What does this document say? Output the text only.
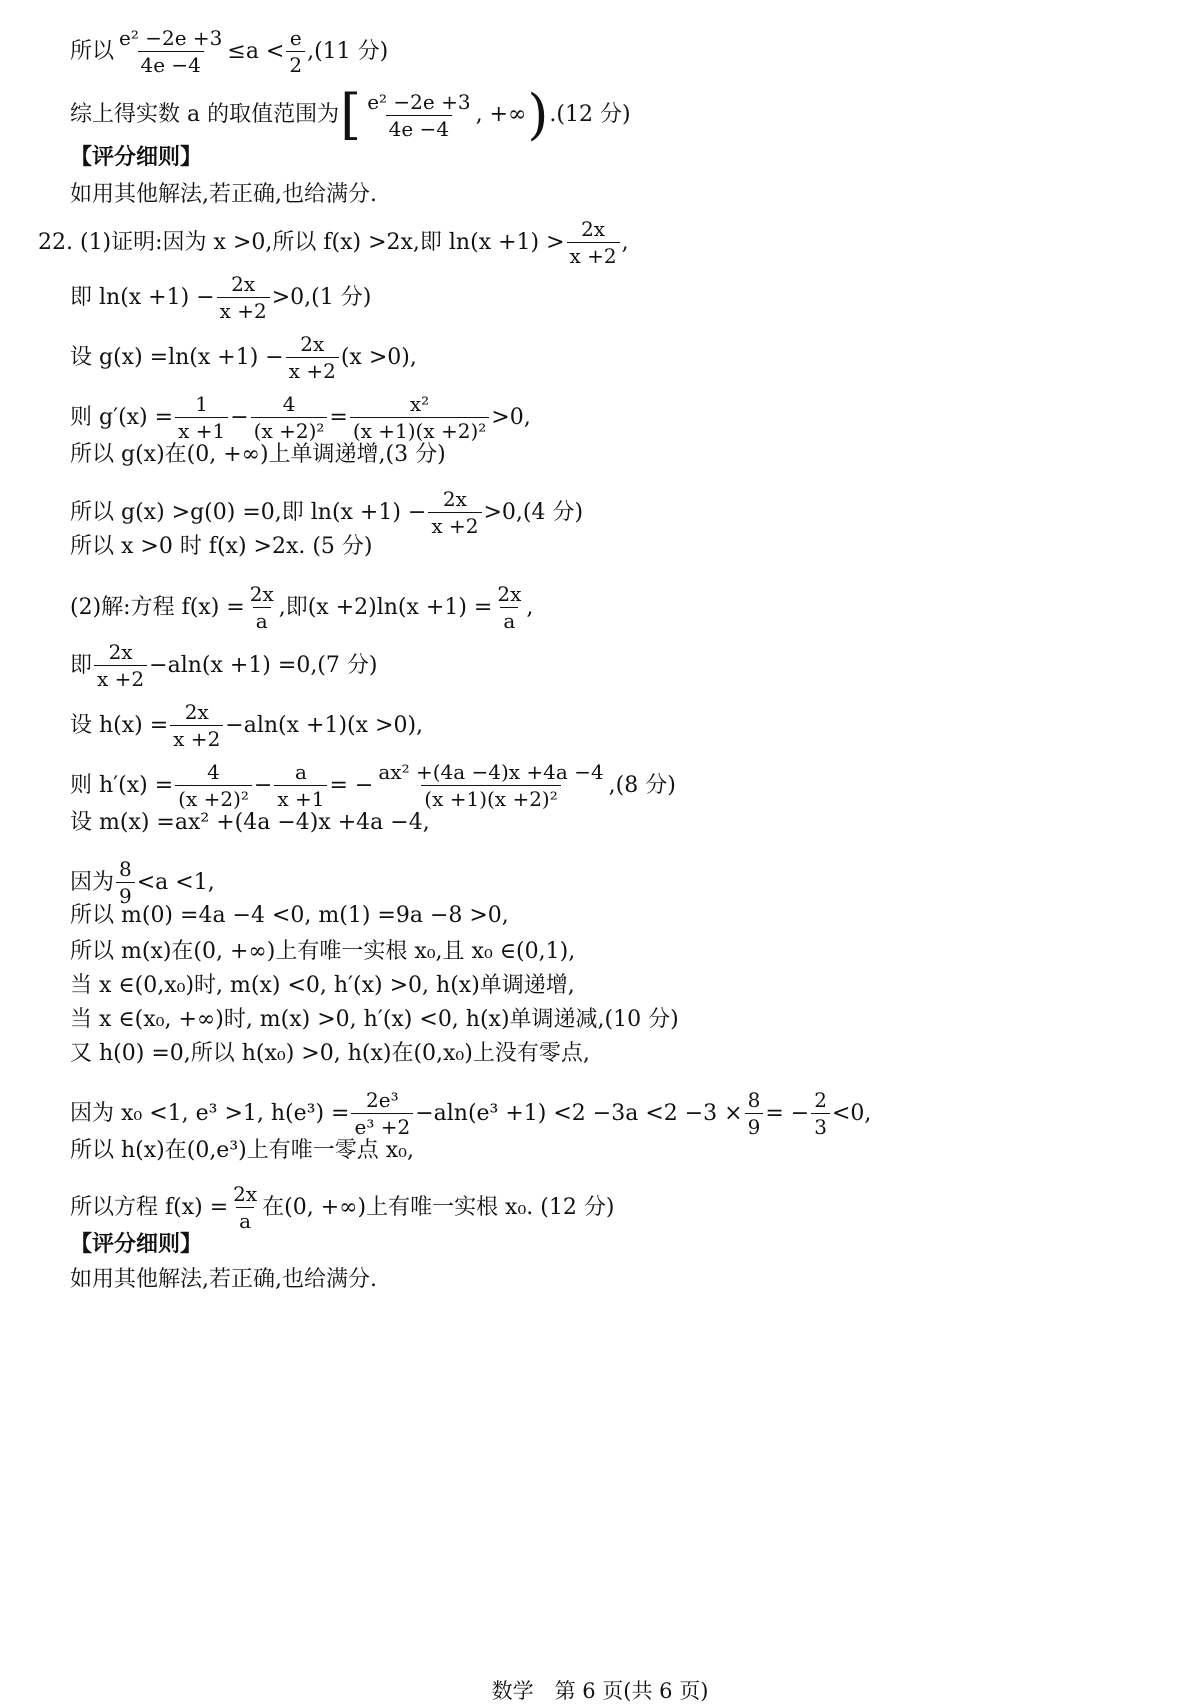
所以 $\frac{\text{e² −2e +3}}{4e -4} \le a < \frac{e}{2} ,(11$ 分)
综上得实数 a 的取值范围为 [ $\frac{\text{e² −2e +3}}{4e -4}$ , +∞ ) .(12 分)
【评分细则】
如用其他解法,若正确,也给满分.
22. (1)证明:因为 x >0,所以 f(x) >2x,即 $\ln(x +1) > \frac{2x}{x +2}$ ,
即 $\ln(x +1) - \frac{2x}{x +2} >0,(1$ 分)
设 $g(x) =\ln(x +1) - \frac{2x}{x +2} (x >0)$,
则 $g'(x) = \frac{1}{x +1} - \frac{4}{\text{(x +2)²}} = \frac{\text{x²}}{\text{(x +1)(x +2)²}} >0$,
所以 g(x)在(0, +∞)上单调递增,(3 分)
所以 g(x) >g(0) =0,即 $\ln(x +1) - \frac{2x}{x +2} >0,(4$ 分)
所以 x >0 时 f(x) >2x. (5 分)
(2)解:方程 $f(x) = \frac{2x}{a}$ ,即$(x +2)\ln(x +1) = \frac{2x}{a}$ ,
即 $\frac{2x}{x +2} -aln(x +1) =0,(7$ 分)
设 $h(x) = \frac{2x}{x +2} -aln(x +1)(x >0)$,
则 $h'(x) = \frac{4}{\text{(x +2)²}} - \frac{a}{x +1}$ = − $\frac{\text{ax² +(4a −4)x +4a −4}}{\text{(x +1)(x +2)²}} ,(8$ 分)
设 m(x) =ax² +(4a −4)x +4a −4,
因为 $\frac{8}{9} <a <1$,
所以 m(0) =4a −4 <0, m(1) =9a −8 >0,
所以 m(x)在(0, +∞)上有唯一实根 x₀,且 x₀ ∈(0,1),
当 x ∈(0,x₀)时, m(x) <0, h′(x) >0, h(x)单调递增,
当 x ∈(x₀, +∞)时, m(x) >0, h′(x) <0, h(x)单调递减,(10 分)
又 h(0) =0,所以 h(x₀) >0, h(x)在(0,x₀)上没有零点,
因为 x₀ <1, e³ >1, $h(e^3) = \frac{\text{2e³}}{\text{e³ +2}} -aln(e^3 +1) <2 -3a <2 -3 \times \frac{8}{9}$ = − $\frac{2}{3} <0$,
所以 h(x)在(0,e³)上有唯一零点 x₀,
所以方程 $f(x) = \frac{2x}{a}$ 在(0, +∞)上有唯一实根 x₀. (12 分)
【评分细则】
如用其他解法,若正确,也给满分.
数学　第 6 页(共 6 页)
